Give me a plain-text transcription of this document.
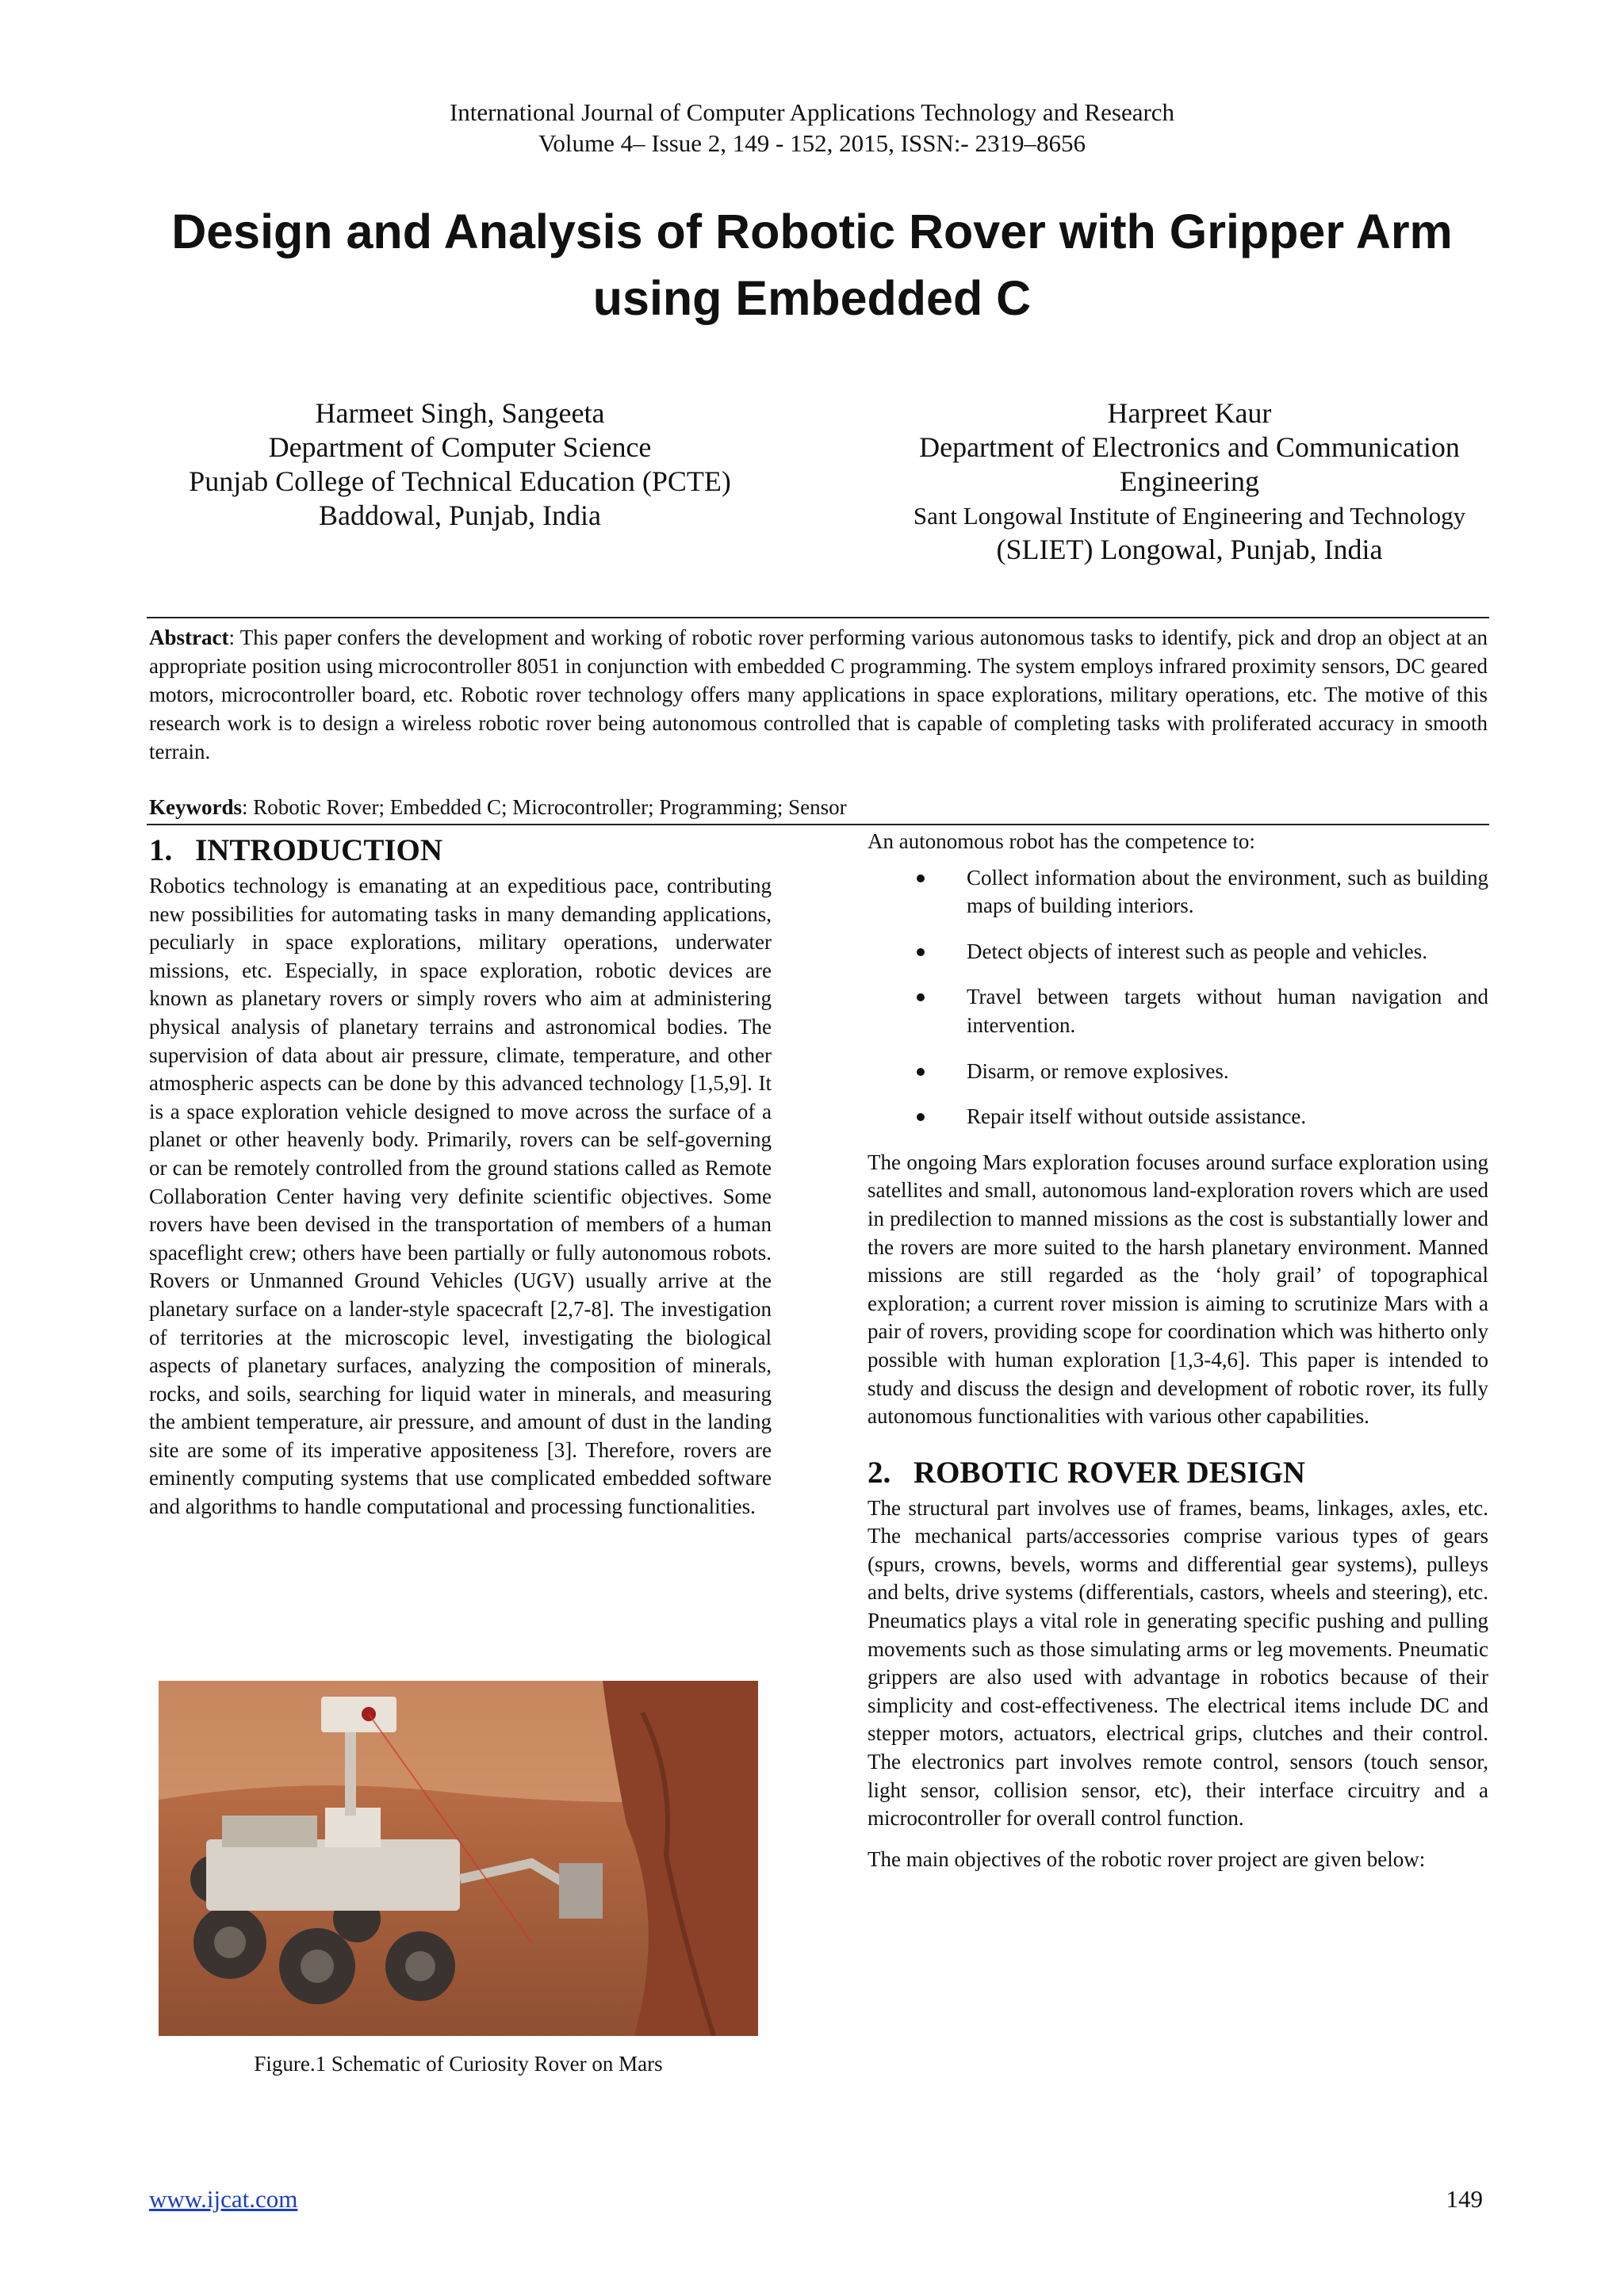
International Journal of Computer Applications Technology and Research
Volume 4– Issue 2, 149 - 152, 2015, ISSN:- 2319–8656
Design and Analysis of Robotic Rover with Gripper Arm using Embedded C
Harmeet Singh, Sangeeta
Department of Computer Science
Punjab College of Technical Education (PCTE)
Baddowal, Punjab, India
Harpreet Kaur
Department of Electronics and Communication
Engineering
Sant Longowal Institute of Engineering and Technology
(SLIET) Longowal, Punjab, India

Abstract: This paper confers the development and working of robotic rover performing various autonomous tasks to identify, pick and drop an object at an appropriate position using microcontroller 8051 in conjunction with embedded C programming. The system employs infrared proximity sensors, DC geared motors, microcontroller board, etc. Robotic rover technology offers many applications in space explorations, military operations, etc. The motive of this research work is to design a wireless robotic rover being autonomous controlled that is capable of completing tasks with proliferated accuracy in smooth terrain.

Keywords: Robotic Rover; Embedded C; Microcontroller; Programming; Sensor

1. INTRODUCTION

Robotics technology is emanating at an expeditious pace, contributing new possibilities for automating tasks in many demanding applications, peculiarly in space explorations, military operations, underwater missions, etc. Especially, in space exploration, robotic devices are known as planetary rovers or simply rovers who aim at administering physical analysis of planetary terrains and astronomical bodies. The supervision of data about air pressure, climate, temperature, and other atmospheric aspects can be done by this advanced technology [1,5,9]. It is a space exploration vehicle designed to move across the surface of a planet or other heavenly body. Primarily, rovers can be self-governing or can be remotely controlled from the ground stations called as Remote Collaboration Center having very definite scientific objectives. Some rovers have been devised in the transportation of members of a human spaceflight crew; others have been partially or fully autonomous robots. Rovers or Unmanned Ground Vehicles (UGV) usually arrive at the planetary surface on a lander-style spacecraft [2,7-8]. The investigation of territories at the microscopic level, investigating the biological aspects of planetary surfaces, analyzing the composition of minerals, rocks, and soils, searching for liquid water in minerals, and measuring the ambient temperature, air pressure, and amount of dust in the landing site are some of its imperative appositeness [3]. Therefore, rovers are eminently computing systems that use complicated embedded software and algorithms to handle computational and processing functionalities.

Figure.1 Schematic of Curiosity Rover on Mars

An autonomous robot has the competence to:

Collect information about the environment, such as building maps of building interiors.
Detect objects of interest such as people and vehicles.
Travel between targets without human navigation and intervention.
Disarm, or remove explosives.
Repair itself without outside assistance.

The ongoing Mars exploration focuses around surface exploration using satellites and small, autonomous land-exploration rovers which are used in predilection to manned missions as the cost is substantially lower and the rovers are more suited to the harsh planetary environment. Manned missions are still regarded as the ‘holy grail’ of topographical exploration; a current rover mission is aiming to scrutinize Mars with a pair of rovers, providing scope for coordination which was hitherto only possible with human exploration [1,3-4,6]. This paper is intended to study and discuss the design and development of robotic rover, its fully autonomous functionalities with various other capabilities.

2. ROBOTIC ROVER DESIGN

The structural part involves use of frames, beams, linkages, axles, etc. The mechanical parts/accessories comprise various types of gears (spurs, crowns, bevels, worms and differential gear systems), pulleys and belts, drive systems (differentials, castors, wheels and steering), etc. Pneumatics plays a vital role in generating specific pushing and pulling movements such as those simulating arms or leg movements. Pneumatic grippers are also used with advantage in robotics because of their simplicity and cost-effectiveness. The electrical items include DC and stepper motors, actuators, electrical grips, clutches and their control. The electronics part involves remote control, sensors (touch sensor, light sensor, collision sensor, etc), their interface circuitry and a microcontroller for overall control function.

The main objectives of the robotic rover project are given below:

www.ijcat.com	149
